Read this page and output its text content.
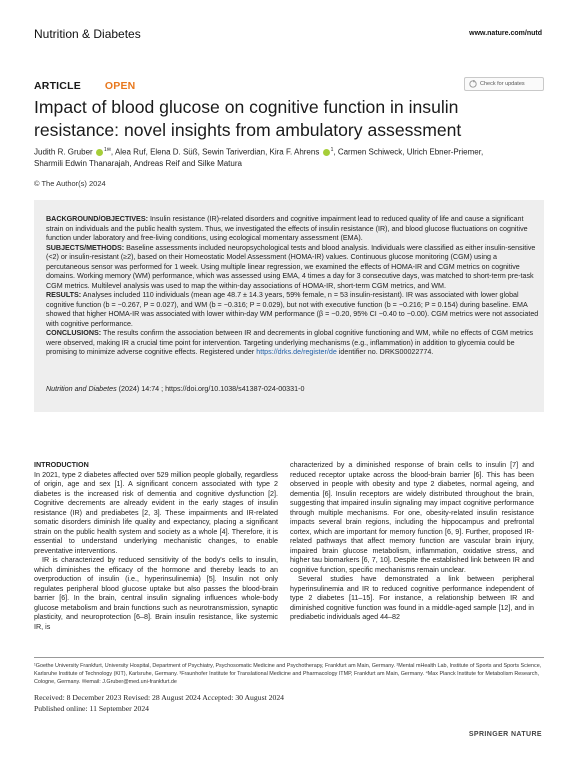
Nutrition & Diabetes	www.nature.com/nutd
ARTICLE OPEN	Check for updates
Impact of blood glucose on cognitive function in insulin resistance: novel insights from ambulatory assessment
Judith R. Gruber $^{1✉}$, Alea Ruf, Elena D. Süß, Sewin Tariverdian, Kira F. Ahrens $^1$, Carmen Schiweck, Ulrich Ebner-Priemer,
Sharmili Edwin Thanarajah, Andreas Reif and Silke Matura
© The Author(s) 2024

BACKGROUND/OBJECTIVES: Insulin resistance (IR)-related disorders and cognitive impairment lead to reduced quality of life and cause a significant strain on individuals and the public health system. Thus, we investigated the effects of insulin resistance (IR), and blood glucose fluctuations on cognitive function under laboratory and free-living conditions, using ecological momentary assessment (EMA).

SUBJECTS/METHODS: Baseline assessments included neuropsychological tests and blood analysis. Individuals were classified as either insulin-sensitive (<2) or insulin-resistant (≥2), based on their Homeostatic Model Assessment (HOMA-IR) values. Continuous glucose monitoring (CGM) using a percutaneous sensor was performed for 1 week. Using multiple linear regression, we examined the effects of HOMA-IR and CGM metrics on cognitive domains. Working memory (WM) performance, which was assessed using EMA, 4 times a day for 3 consecutive days, was matched to short-term pre-task CGM metrics. Multilevel analysis was used to map the within-day associations of HOMA-IR, short-term CGM metrics, and WM.

RESULTS: Analyses included 110 individuals (mean age 48.7 ± 14.3 years, 59% female, n = 53 insulin-resistant). IR was associated with lower global cognitive function (b = −0.267, P = 0.027), and WM (b = −0.316; P = 0.029), but not with executive function (b = −0.216; P = 0.154) during baseline. EMA showed that higher HOMA-IR was associated with lower within-day WM performance (β = −0.20, 95% CI −0.40 to −0.00). CGM metrics were not associated with cognitive performance.

CONCLUSIONS: The results confirm the association between IR and decrements in global cognitive functioning and WM, while no effects of CGM metrics were observed, making IR a crucial time point for intervention. Targeting underlying mechanisms (e.g., inflammation) in addition to glycemia could be promising to minimize adverse cognitive effects. Registered under https://drks.de/register/de identifier no. DRKS00022774.

Nutrition and Diabetes (2024) 14:74 ; https://doi.org/10.1038/s41387-024-00331-0
INTRODUCTION

In 2021, type 2 diabetes affected over 529 million people globally, regardless of origin, age and sex [1]. A significant concern associated with type 2 diabetes is the increased risk of dementia and cognitive dysfunction [2]. Cognitive decrements are already evident in the early stages of insulin resistance (IR) and prediabetes [2, 3]. These impairments and IR-related somatic disorders diminish life quality and expectancy, placing a significant strain on the public health system and society as a whole [4]. Therefore, it is essential to understand underlying mechanistic changes, to enable preventative interventions.

IR is characterized by reduced sensitivity of the body's cells to insulin, which diminishes the efficacy of the hormone and thereby leads to an overproduction of insulin (i.e., hyperinsulinemia) [5]. Insulin not only regulates peripheral blood glucose uptake but also passes the blood-brain barrier [6]. In the brain, central insulin signaling influences whole-body glucose metabolism and brain functions such as neurotransmission, synaptic plasticity, and neuroprotection [6–8]. Brain insulin resistance, like systemic IR, is

characterized by a diminished response of brain cells to insulin [7] and reduced receptor uptake across the blood-brain barrier [6]. This has been observed in people with obesity and type 2 diabetes, normal ageing, and dementia [6]. Insulin receptors are widely distributed throughout the brain, suggesting that impaired insulin signaling may impact cognitive performance through multiple mechanisms. For one, obesity-related insulin resistance impacts several brain regions, including the hippocampus and prefrontal cortex, which are important for memory function [6, 9]. Further, proposed IR-related pathways that affect memory function are vascular brain injury, impaired brain glucose metabolism, inflammation, oxidative stress, and higher tau biomarkers [6, 7, 10]. Despite the established link between IR and cognitive function, specific mechanisms remain unclear.

Several studies have demonstrated a link between peripheral hyperinsulinemia and IR to reduced cognitive performance independent of type 2 diabetes [11–15]. For instance, a relationship between IR and diminished cognitive function was found in a middle-aged sample [12], and in prediabetic individuals aged 44–82

¹Goethe University Frankfurt, University Hospital, Department of Psychiatry, Psychosomatic Medicine and Psychotherapy, Frankfurt am Main, Germany. ²Mental mHealth Lab, Institute of Sports and Sports Science, Karlsruhe Institute of Technology (KIT), Karlsruhe, Germany. ³Fraunhofer Institute for Translational Medicine and Pharmacology ITMP, Frankfurt am Main, Germany. ⁴Max Planck Institute for Metabolism Research, Cologne, Germany. ✉email: J.Gruber@med.uni-frankfurt.de
Received: 8 December 2023 Revised: 28 August 2024 Accepted: 30 August 2024
Published online: 11 September 2024
SPRINGER NATURE
